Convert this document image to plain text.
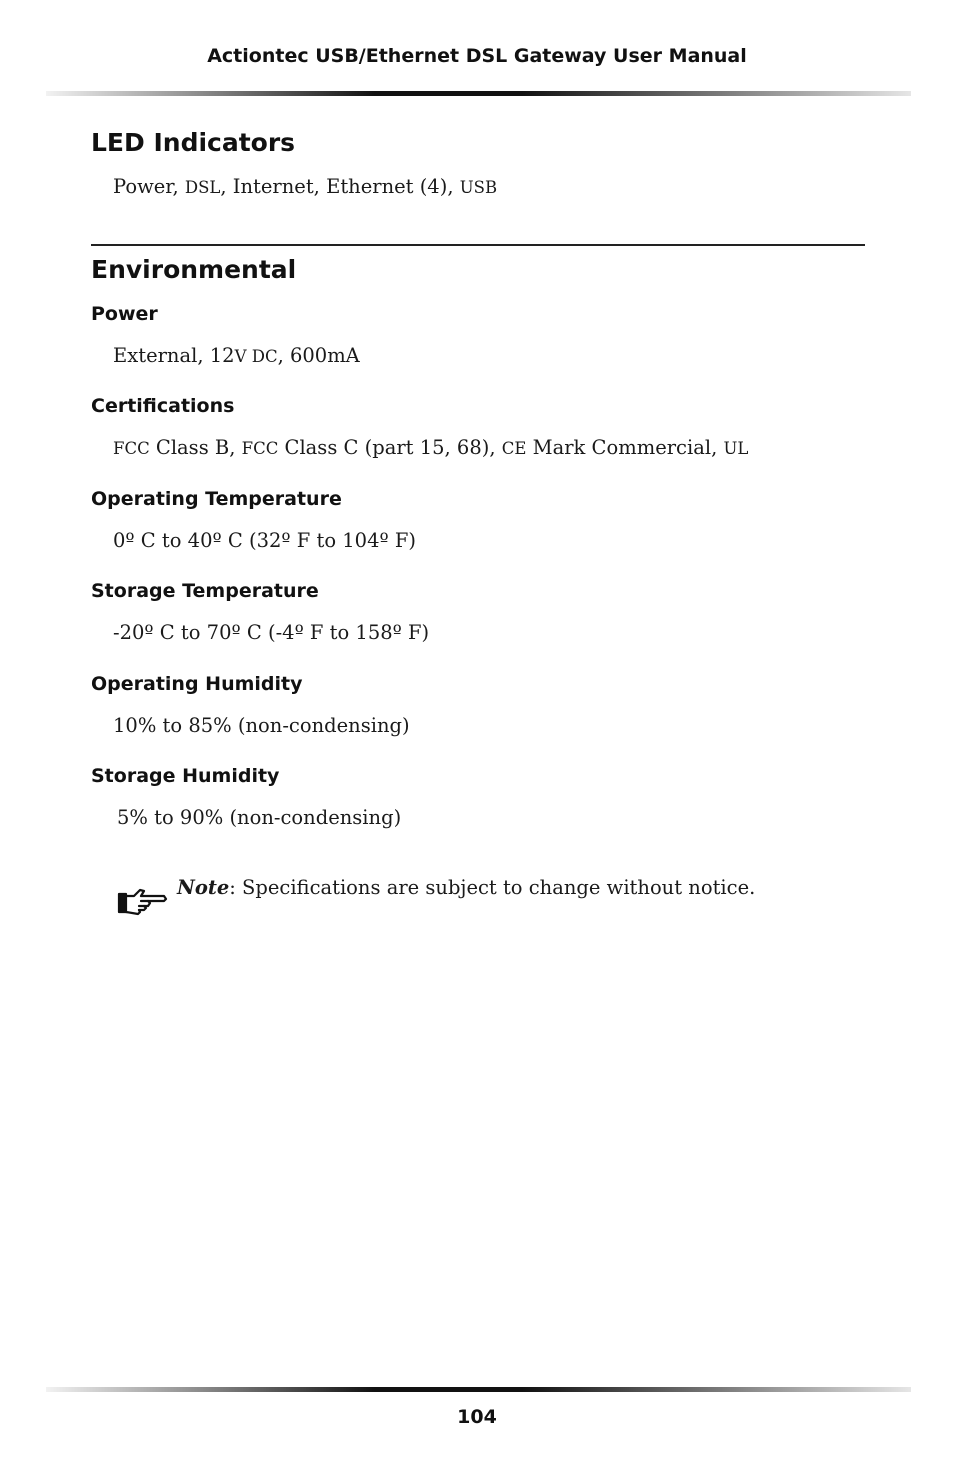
Actiontec USB/Ethernet DSL Gateway User Manual
LED Indicators

Power, DSL, Internet, Ethernet (4), USB

Environmental
Power

External, 12V DC, 600mA

Certifications

FCC Class B, FCC Class C (part 15, 68), CE Mark Commercial, UL

Operating Temperature

0º C to 40º C (32º F to 104º F)

Storage Temperature

-20º C to 70º C (-4º F to 158º F)

Operating Humidity

10% to 85% (non-condensing)

Storage Humidity

5% to 90% (non-condensing)

Note: Specifications are subject to change without notice.
104
